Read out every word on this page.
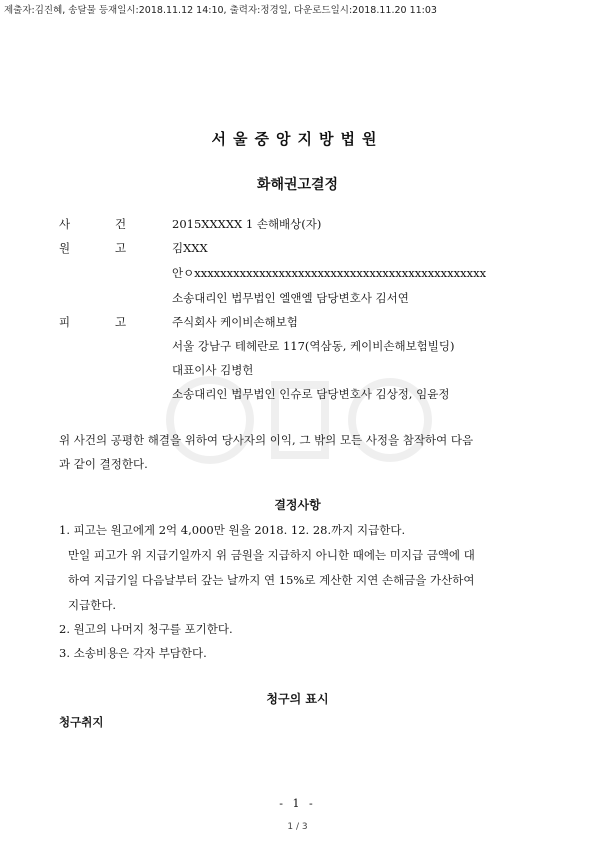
제출자:김진혜, 송달물 등재일시:2018.11.12 14:10, 출력자:정경일, 다운로드일시:2018.11.20 11:03
서울중앙지방법원
화해권고결정
사	건	2015XXXXX 1 손해배상(자)
원	고	김XXX
안ㅇxxxxxxxxxxxxxxxxxxxxxxxxxxxxxxxxxxxxxxxxxxxxx
소송대리인 법무법인 엘앤엘 담당변호사 김서연
피	고	주식회사 케이비손해보험
서울 강남구 테헤란로 117(역삼동, 케이비손해보험빌딩)
대표이사 김병헌
소송대리인 법무법인 인슈로 담당변호사 김상정, 임윤정
위 사건의 공평한 해결을 위하여 당사자의 이익, 그 밖의 모든 사정을 참작하여 다음
과 같이 결정한다.
결정사항
1. 피고는 원고에게 2억 4,000만 원을 2018. 12. 28.까지 지급한다.
만일 피고가 위 지급기일까지 위 금원을 지급하지 아니한 때에는 미지급 금액에 대
하여 지급기일 다음날부터 갚는 날까지 연 15%로 계산한 지연 손해금을 가산하여
지급한다.
2. 원고의 나머지 청구를 포기한다.
3. 소송비용은 각자 부담한다.
청구의 표시
청구취지
- 1 -
1 / 3
